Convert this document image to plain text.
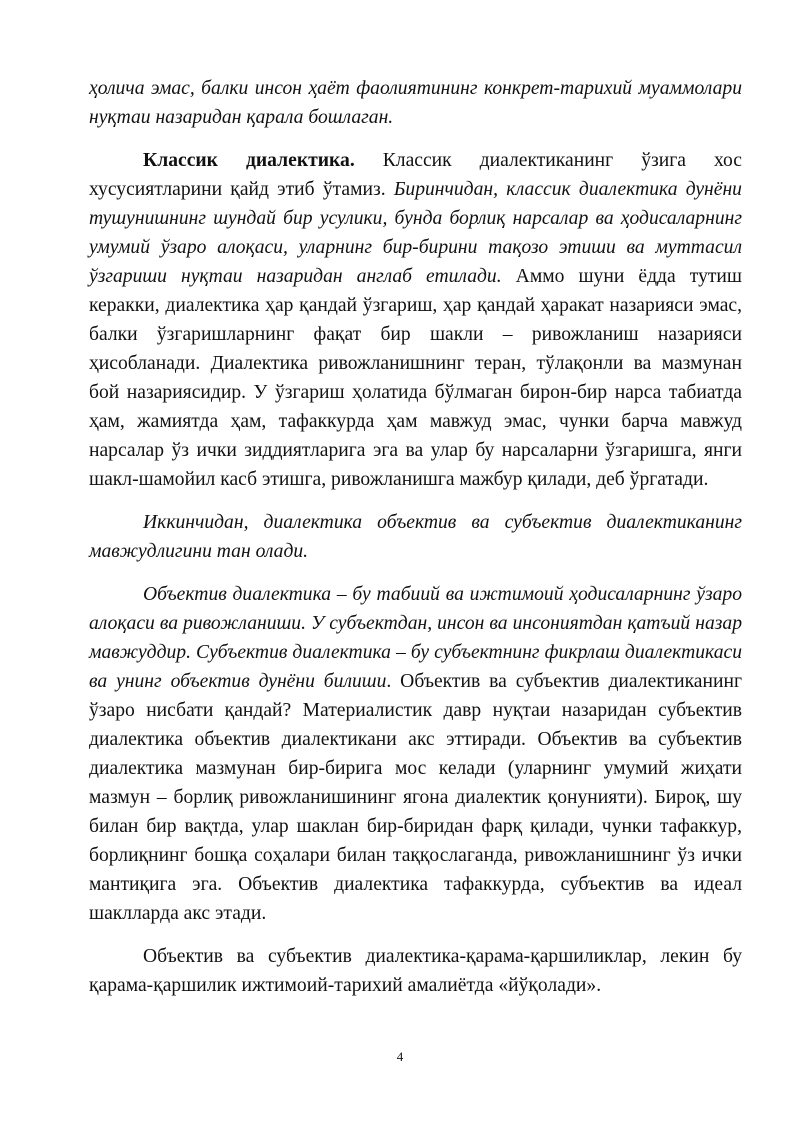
ҳолича эмас, балки инсон ҳаёт фаолиятининг конкрет-тарихий муаммолари нуқтаи назаридан қарала бошлаган.

Классик диалектика. Классик диалектиканинг ўзига хос хусусиятларини қайд этиб ўтамиз. Биринчидан, классик диалектика дунёни тушунишнинг шундай бир усулики, бунда борлиқ нарсалар ва ҳодисаларнинг умумий ўзаро алоқаси, уларнинг бир-бирини тақозо этиши ва муттасил ўзгариши нуқтаи назаридан англаб етилади. Аммо шуни ёдда тутиш керакки, диалектика ҳар қандай ўзгариш, ҳар қандай ҳаракат назарияси эмас, балки ўзгаришларнинг фақат бир шакли – ривожланиш назарияси ҳисобланади. Диалектика ривожланишнинг теран, тўлақонли ва мазмунан бой назариясидир. У ўзгариш ҳолатида бўлмаган бирон-бир нарса табиатда ҳам, жамиятда ҳам, тафаккурда ҳам мавжуд эмас, чунки барча мавжуд нарсалар ўз ички зиддиятларига эга ва улар бу нарсаларни ўзгаришга, янги шакл-шамойил касб этишга, ривожланишга мажбур қилади, деб ўргатади.

Иккинчидан, диалектика объектив ва субъектив диалектиканинг мавжудлигини тан олади.

Объектив диалектика – бу табиий ва ижтимоий ҳодисаларнинг ўзаро алоқаси ва ривожланиши. У субъектдан, инсон ва инсониятдан қатъий назар мавжуддир. Субъектив диалектика – бу субъектнинг фикрлаш диалектикаси ва унинг объектив дунёни билиши. Объектив ва субъектив диалектиканинг ўзаро нисбати қандай? Материалистик давр нуқтаи назаридан субъектив диалектика объектив диалектикани акс эттиради. Объектив ва субъектив диалектика мазмунан бир-бирига мос келади (уларнинг умумий жиҳати мазмун – борлиқ ривожланишининг ягона диалектик қонунияти). Бироқ, шу билан бир вақтда, улар шаклан бир-биридан фарқ қилади, чунки тафаккур, борлиқнинг бошқа соҳалари билан таққослаганда, ривожланишнинг ўз ички мантиқига эга. Объектив диалектика тафаккурда, субъектив ва идеал шаклларда акс этади.

Объектив ва субъектив диалектика-қарама-қаршиликлар, лекин бу қарама-қаршилик ижтимоий-тарихий амалиётда «йўқолади».

4
